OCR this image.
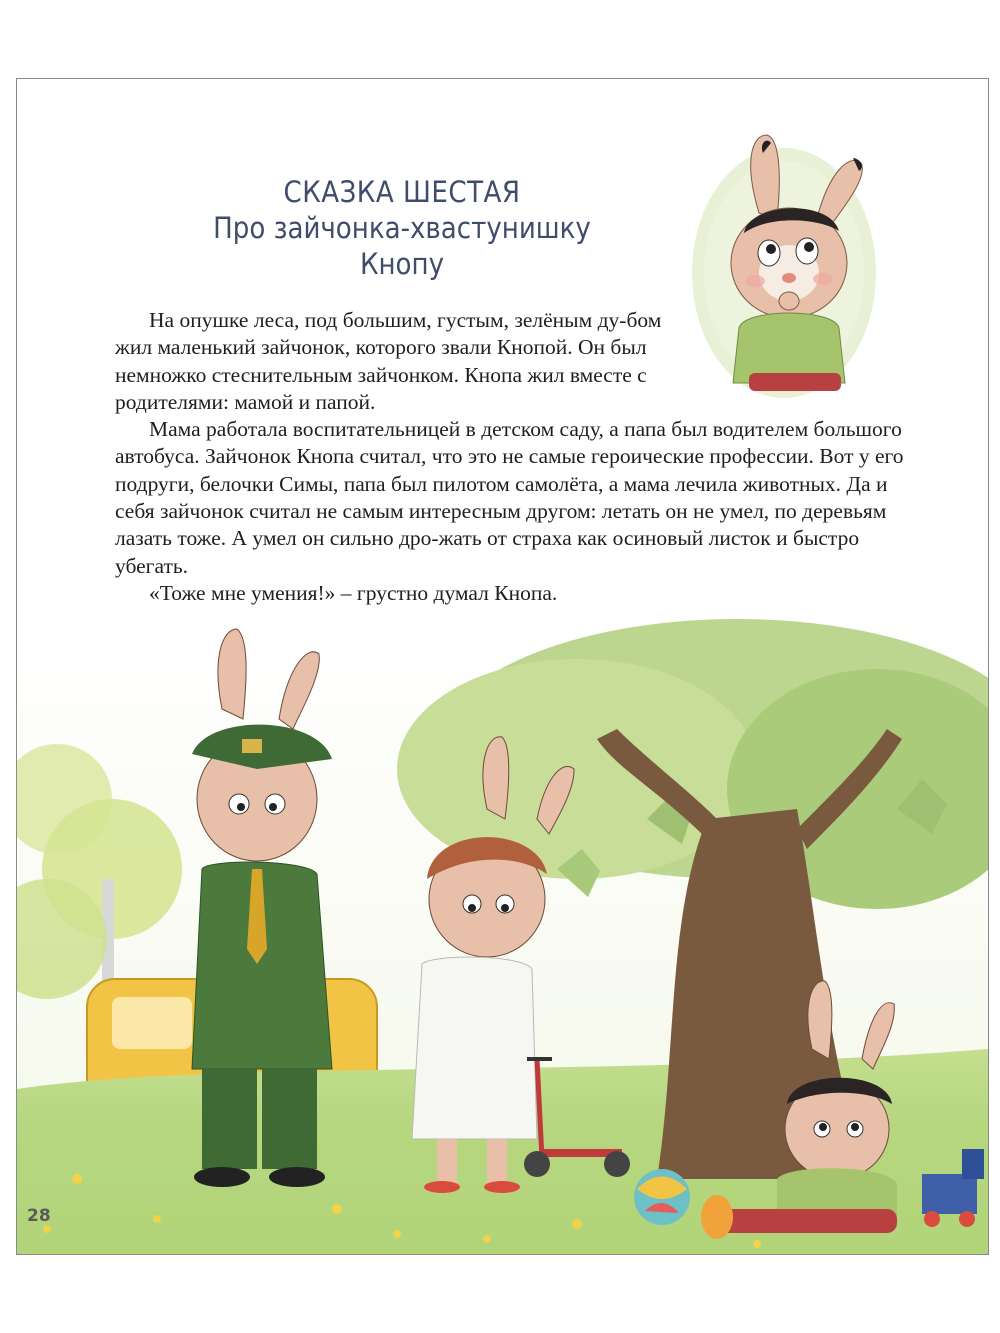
СКАЗКА ШЕСТАЯ
Про зайчонка-хвастунишку
Кнопу

На опушке леса, под большим, густым, зелёным ду-бом жил маленький зайчонок, которого звали Кнопой. Он был немножко стеснительным зайчонком. Кнопа жил вместе с родителями: мамой и папой.

Мама работала воспитательницей в детском саду, а папа был водителем большого автобуса. Зайчонок Кнопа считал, что это не самые героические профессии. Вот у его подруги, белочки Симы, папа был пилотом самолёта, а мама лечила животных. Да и себя зайчонок считал не самым интересным другом: летать он не умел, по деревьям лазать тоже. А умел он сильно дро-жать от страха как осиновый листок и быстро убегать.

«Тоже мне умения!» – грустно думал Кнопа.

28
